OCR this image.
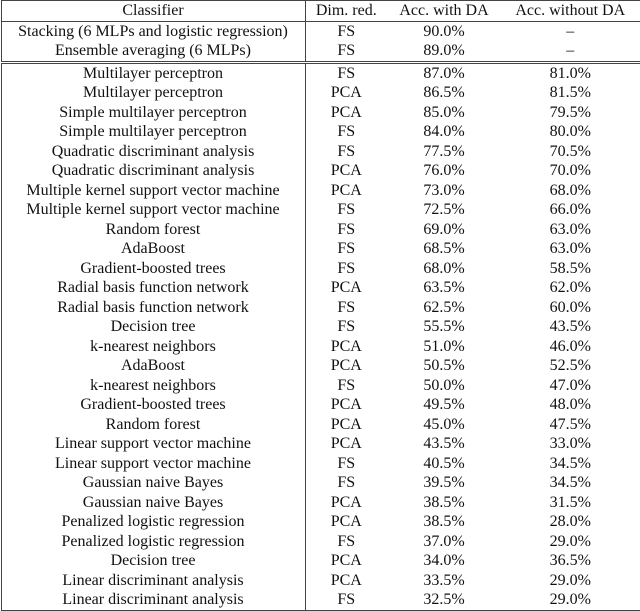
Classifier	Dim. red.	Acc. with DA	Acc. without DA
Stacking (6 MLPs and logistic regression)	FS	90.0%	–
Ensemble averaging (6 MLPs)	FS	89.0%	–
Multilayer perceptron	FS	87.0%	81.0%
Multilayer perceptron	PCA	86.5%	81.5%
Simple multilayer perceptron	PCA	85.0%	79.5%
Simple multilayer perceptron	FS	84.0%	80.0%
Quadratic discriminant analysis	FS	77.5%	70.5%
Quadratic discriminant analysis	PCA	76.0%	70.0%
Multiple kernel support vector machine	PCA	73.0%	68.0%
Multiple kernel support vector machine	FS	72.5%	66.0%
Random forest	FS	69.0%	63.0%
AdaBoost	FS	68.5%	63.0%
Gradient-boosted trees	FS	68.0%	58.5%
Radial basis function network	PCA	63.5%	62.0%
Radial basis function network	FS	62.5%	60.0%
Decision tree	FS	55.5%	43.5%
k-nearest neighbors	PCA	51.0%	46.0%
AdaBoost	PCA	50.5%	52.5%
k-nearest neighbors	FS	50.0%	47.0%
Gradient-boosted trees	PCA	49.5%	48.0%
Random forest	PCA	45.0%	47.5%
Linear support vector machine	PCA	43.5%	33.0%
Linear support vector machine	FS	40.5%	34.5%
Gaussian naive Bayes	FS	39.5%	34.5%
Gaussian naive Bayes	PCA	38.5%	31.5%
Penalized logistic regression	PCA	38.5%	28.0%
Penalized logistic regression	FS	37.0%	29.0%
Decision tree	PCA	34.0%	36.5%
Linear discriminant analysis	PCA	33.5%	29.0%
Linear discriminant analysis	FS	32.5%	29.0%
